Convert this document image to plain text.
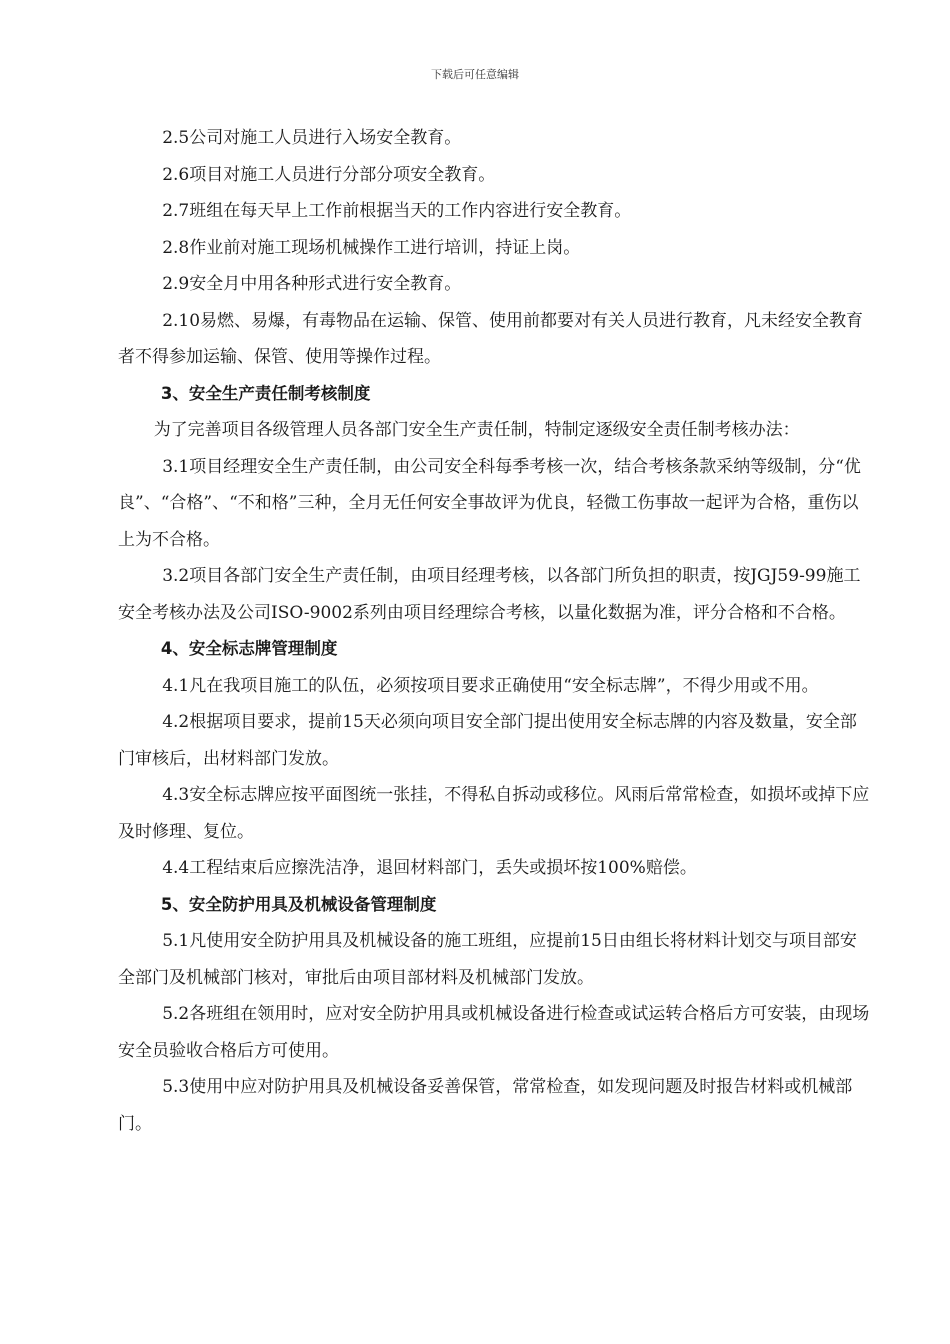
下载后可任意编辑

2.5公司对施工人员进行入场安全教育。

2.6项目对施工人员进行分部分项安全教育。

2.7班组在每天早上工作前根据当天的工作内容进行安全教育。

2.8作业前对施工现场机械操作工进行培训，持证上岗。

2.9安全月中用各种形式进行安全教育。

2.10易燃、易爆，有毒物品在运输、保管、使用前都要对有关人员进行教育，凡未经安全教育者不得参加运输、保管、使用等操作过程。

3、安全生产责任制考核制度

为了完善项目各级管理人员各部门安全生产责任制，特制定逐级安全责任制考核办法：

3.1项目经理安全生产责任制，由公司安全科每季考核一次，结合考核条款采纳等级制，分“优良”、“合格”、“不和格”三种，全月无任何安全事故评为优良，轻微工伤事故一起评为合格，重伤以上为不合格。

3.2项目各部门安全生产责任制，由项目经理考核，以各部门所负担的职责，按JGJ59-99施工安全考核办法及公司ISO-9002系列由项目经理综合考核，以量化数据为准，评分合格和不合格。

4、安全标志牌管理制度

4.1凡在我项目施工的队伍，必须按项目要求正确使用“安全标志牌”，不得少用或不用。

4.2根据项目要求，提前15天必须向项目安全部门提出使用安全标志牌的内容及数量，安全部门审核后，出材料部门发放。

4.3安全标志牌应按平面图统一张挂，不得私自拆动或移位。风雨后常常检查，如损坏或掉下应及时修理、复位。

4.4工程结束后应擦洗洁净，退回材料部门，丢失或损坏按100%赔偿。

5、安全防护用具及机械设备管理制度

5.1凡使用安全防护用具及机械设备的施工班组，应提前15日由组长将材料计划交与项目部安全部门及机械部门核对，审批后由项目部材料及机械部门发放。

5.2各班组在领用时，应对安全防护用具或机械设备进行检查或试运转合格后方可安装，由现场安全员验收合格后方可使用。

5.3使用中应对防护用具及机械设备妥善保管，常常检查，如发现问题及时报告材料或机械部门。
